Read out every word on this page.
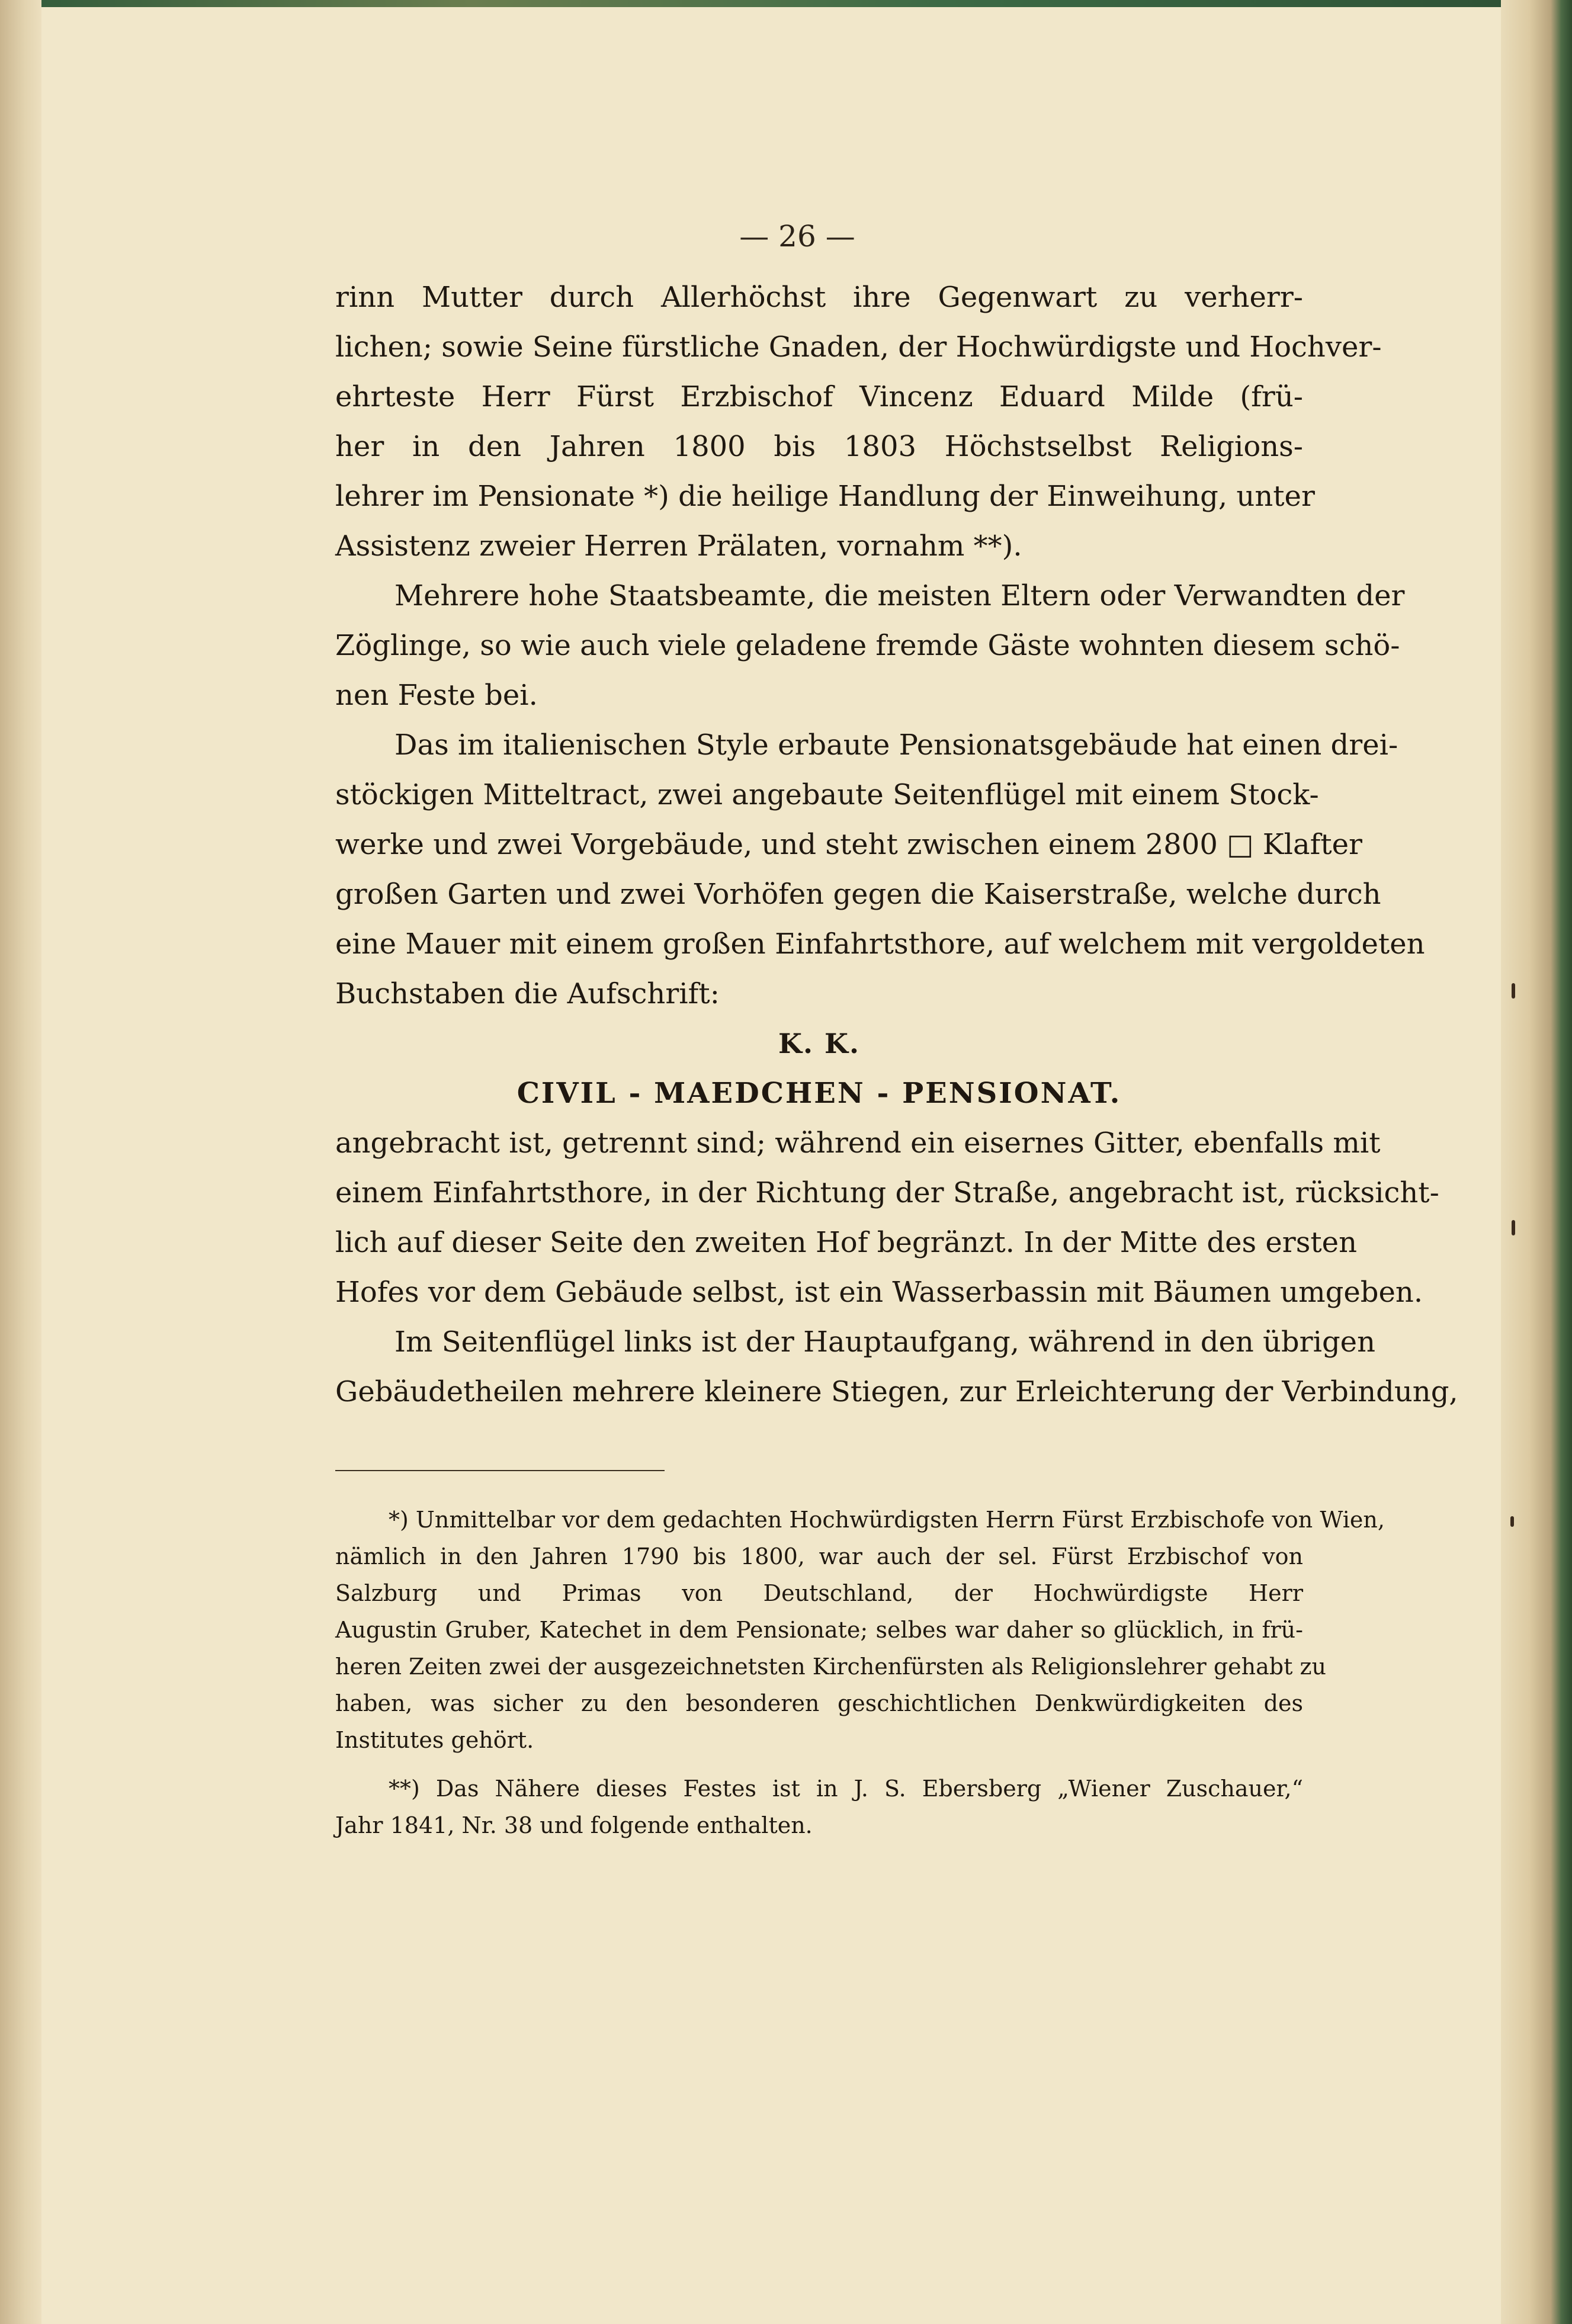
— 26 —

rinn Mutter durch Allerhöchst ihre Gegenwart zu verherr-
lichen; sowie Seine fürstliche Gnaden, der Hochwürdigste und Hochver-
ehrteste Herr Fürst Erzbischof Vincenz Eduard Milde (frü-
her in den Jahren 1800 bis 1803 Höchstselbst Religions-
lehrer im Pensionate *) die heilige Handlung der Einweihung, unter
Assistenz zweier Herren Prälaten, vornahm **).

Mehrere hohe Staatsbeamte, die meisten Eltern oder Verwandten der
Zöglinge, so wie auch viele geladene fremde Gäste wohnten diesem schö-
nen Feste bei.

Das im italienischen Style erbaute Pensionatsgebäude hat einen drei-
stöckigen Mitteltract, zwei angebaute Seitenflügel mit einem Stock-
werke und zwei Vorgebäude, und steht zwischen einem 2800 □ Klafter
großen Garten und zwei Vorhöfen gegen die Kaiserstraße, welche durch
eine Mauer mit einem großen Einfahrtsthore, auf welchem mit vergoldeten
Buchstaben die Aufschrift:

K. K.
CIVIL - MAEDCHEN - PENSIONAT.

angebracht ist, getrennt sind; während ein eisernes Gitter, ebenfalls mit
einem Einfahrtsthore, in der Richtung der Straße, angebracht ist, rücksicht-
lich auf dieser Seite den zweiten Hof begränzt. In der Mitte des ersten
Hofes vor dem Gebäude selbst, ist ein Wasserbassin mit Bäumen umgeben.

Im Seitenflügel links ist der Hauptaufgang, während in den übrigen
Gebäudetheilen mehrere kleinere Stiegen, zur Erleichterung der Verbindung,

*) Unmittelbar vor dem gedachten Hochwürdigsten Herrn Fürst Erzbischofe von Wien,
nämlich in den Jahren 1790 bis 1800, war auch der sel. Fürst Erzbischof von
Salzburg und Primas von Deutschland, der Hochwürdigste Herr
Augustin Gruber, Katechet in dem Pensionate; selbes war daher so glücklich, in frü-
heren Zeiten zwei der ausgezeichnetsten Kirchenfürsten als Religionslehrer gehabt zu
haben, was sicher zu den besonderen geschichtlichen Denkwürdigkeiten des
Institutes gehört.
**) Das Nähere dieses Festes ist in J. S. Ebersberg „Wiener Zuschauer,“
Jahr 1841, Nr. 38 und folgende enthalten.
